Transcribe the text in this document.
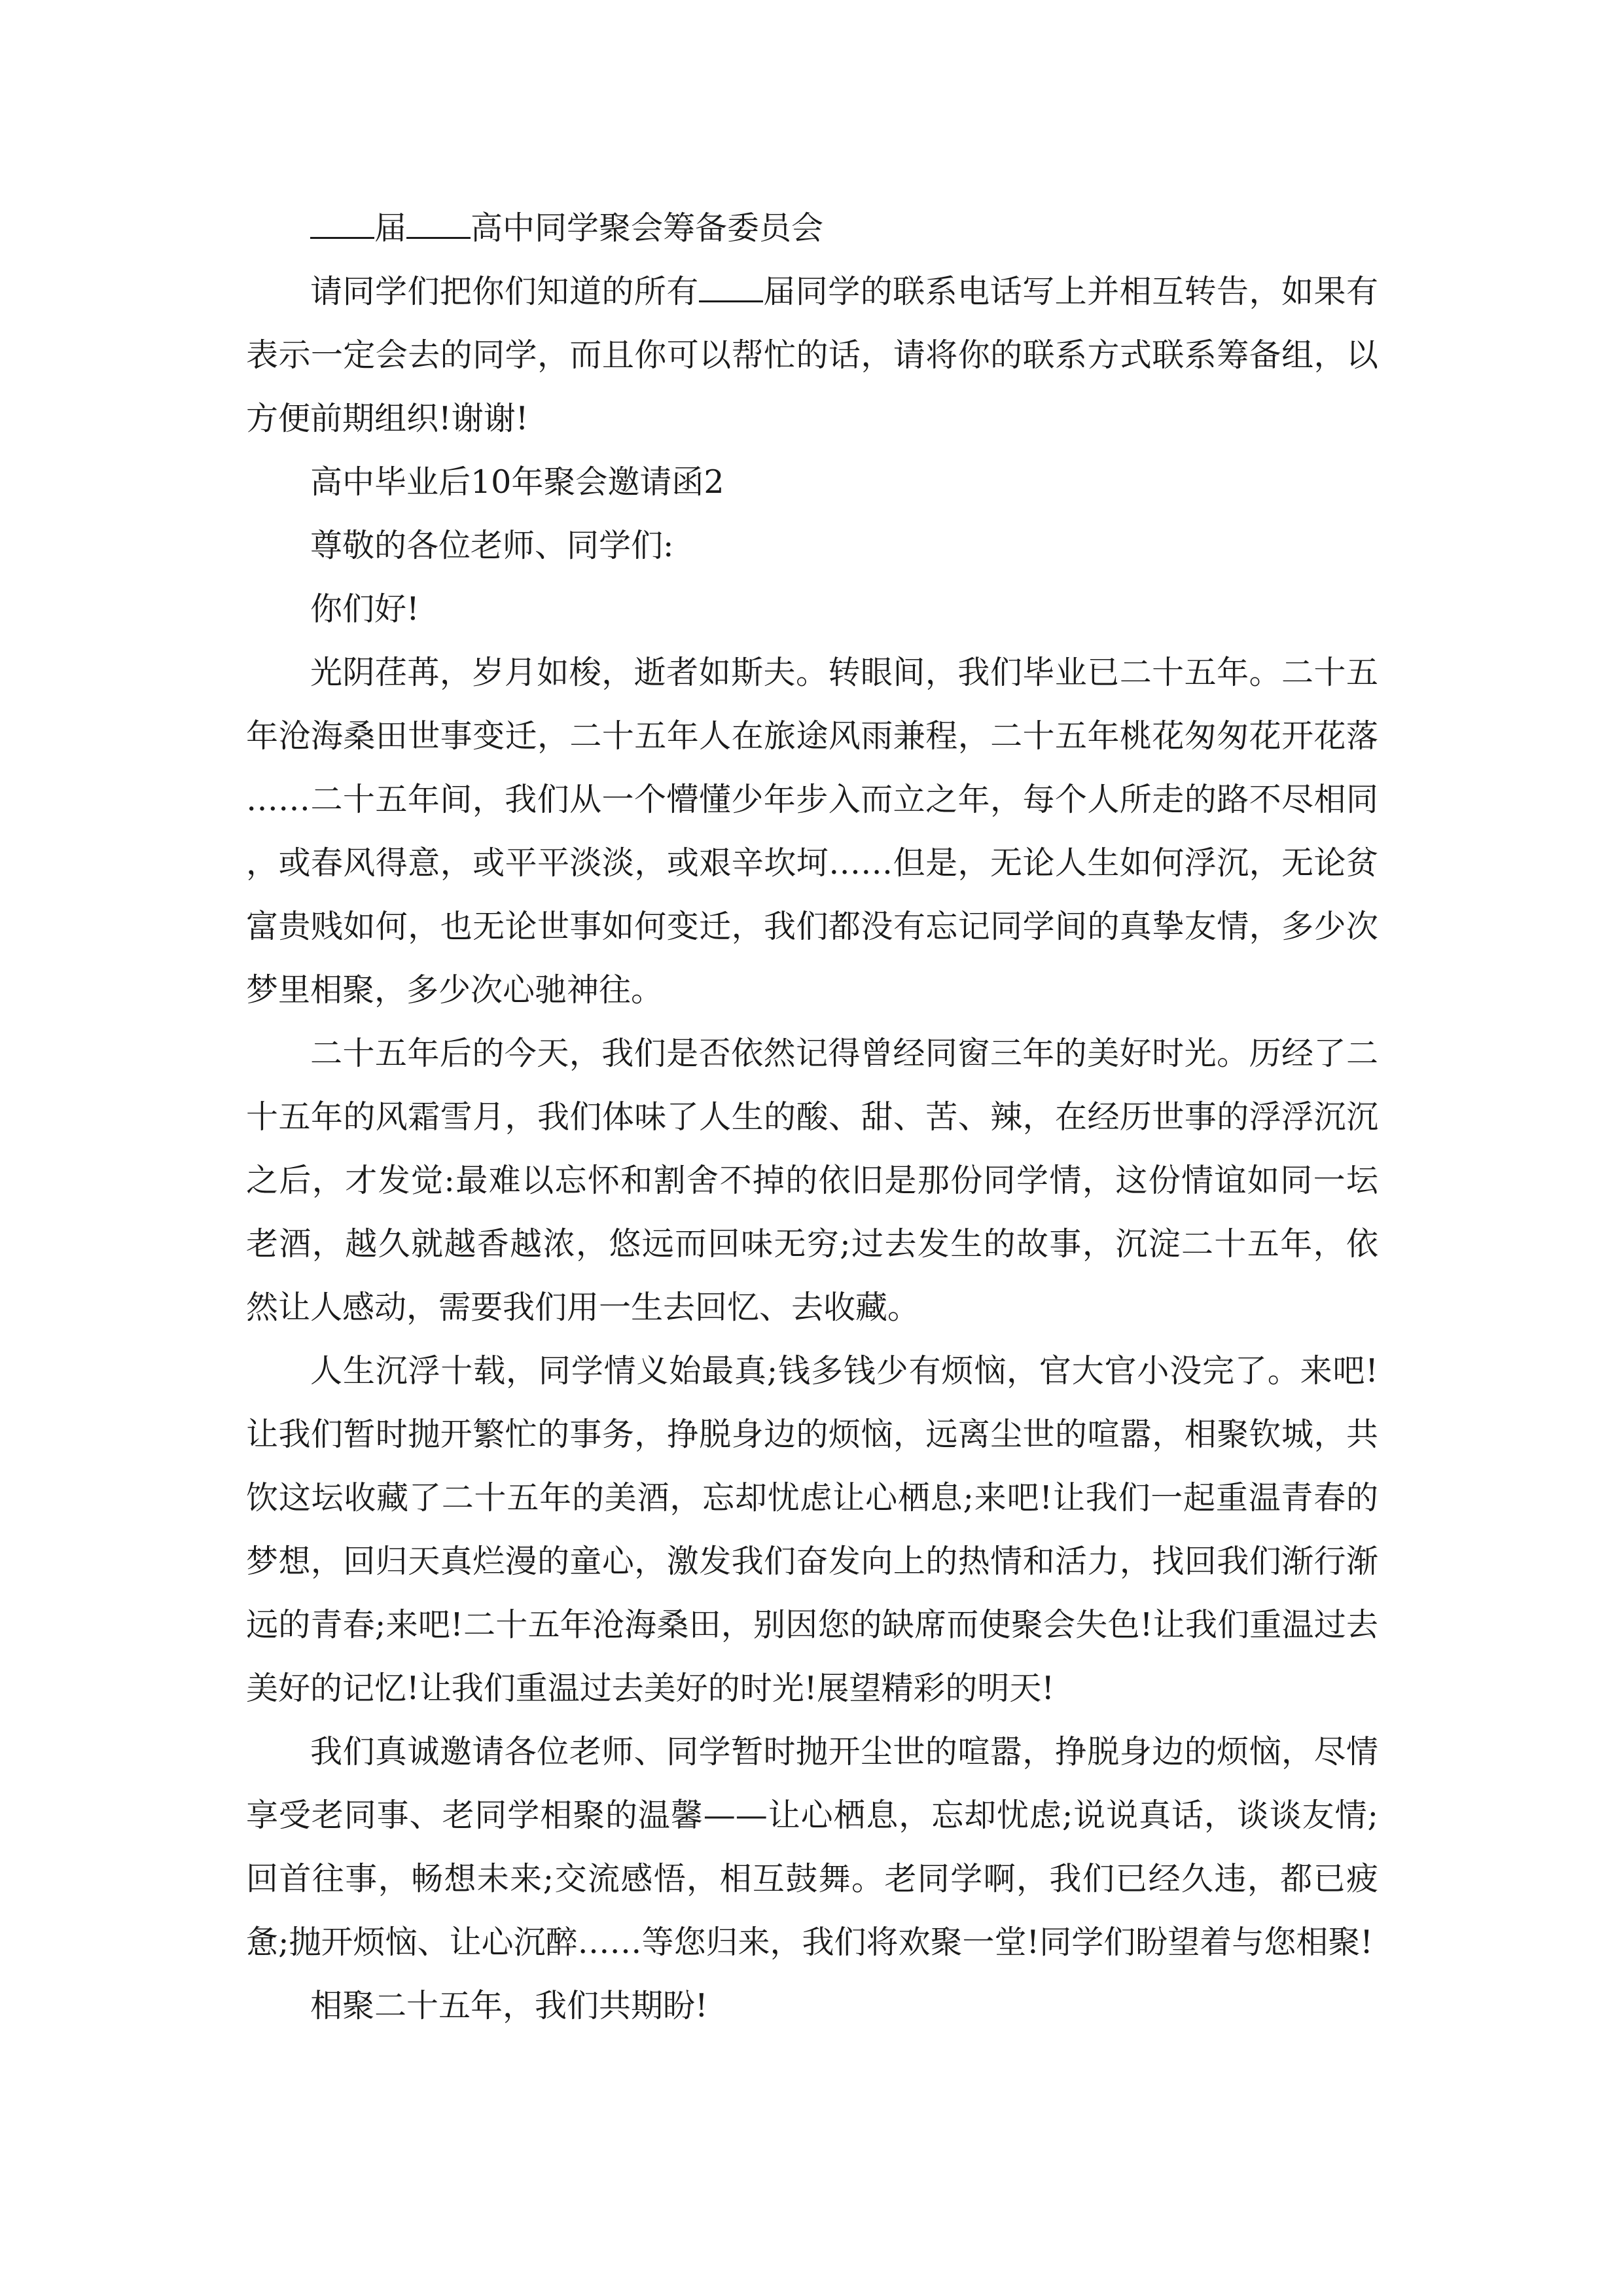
届 高中同学聚会筹备委员会

请同学们把你们知道的所有 届同学的联系电话写上并相互转告，如果有表示一定会去的同学，而且你可以帮忙的话，请将你的联系方式联系筹备组，以方便前期组织!谢谢!

高中毕业后10年聚会邀请函2

尊敬的各位老师、同学们:

你们好!

光阴荏苒，岁月如梭，逝者如斯夫。转眼间，我们毕业已二十五年。二十五年沧海桑田世事变迁，二十五年人在旅途风雨兼程，二十五年桃花匆匆花开花落……二十五年间，我们从一个懵懂少年步入而立之年，每个人所走的路不尽相同，或春风得意，或平平淡淡，或艰辛坎坷……但是，无论人生如何浮沉，无论贫富贵贱如何，也无论世事如何变迁，我们都没有忘记同学间的真挚友情，多少次梦里相聚，多少次心驰神往。

二十五年后的今天，我们是否依然记得曾经同窗三年的美好时光。历经了二十五年的风霜雪月，我们体味了人生的酸、甜、苦、辣，在经历世事的浮浮沉沉之后，才发觉:最难以忘怀和割舍不掉的依旧是那份同学情，这份情谊如同一坛老酒，越久就越香越浓，悠远而回味无穷;过去发生的故事，沉淀二十五年，依然让人感动，需要我们用一生去回忆、去收藏。

人生沉浮十载，同学情义始最真;钱多钱少有烦恼，官大官小没完了。来吧!让我们暂时抛开繁忙的事务，挣脱身边的烦恼，远离尘世的喧嚣，相聚钦城，共饮这坛收藏了二十五年的美酒，忘却忧虑让心栖息;来吧!让我们一起重温青春的梦想，回归天真烂漫的童心，激发我们奋发向上的热情和活力，找回我们渐行渐远的青春;来吧!二十五年沧海桑田，别因您的缺席而使聚会失色!让我们重温过去美好的记忆!让我们重温过去美好的时光!展望精彩的明天!

我们真诚邀请各位老师、同学暂时抛开尘世的喧嚣，挣脱身边的烦恼，尽情享受老同事、老同学相聚的温馨——让心栖息，忘却忧虑;说说真话，谈谈友情;回首往事，畅想未来;交流感悟，相互鼓舞。老同学啊，我们已经久违，都已疲惫;抛开烦恼、让心沉醉……等您归来，我们将欢聚一堂!同学们盼望着与您相聚!

相聚二十五年，我们共期盼!
